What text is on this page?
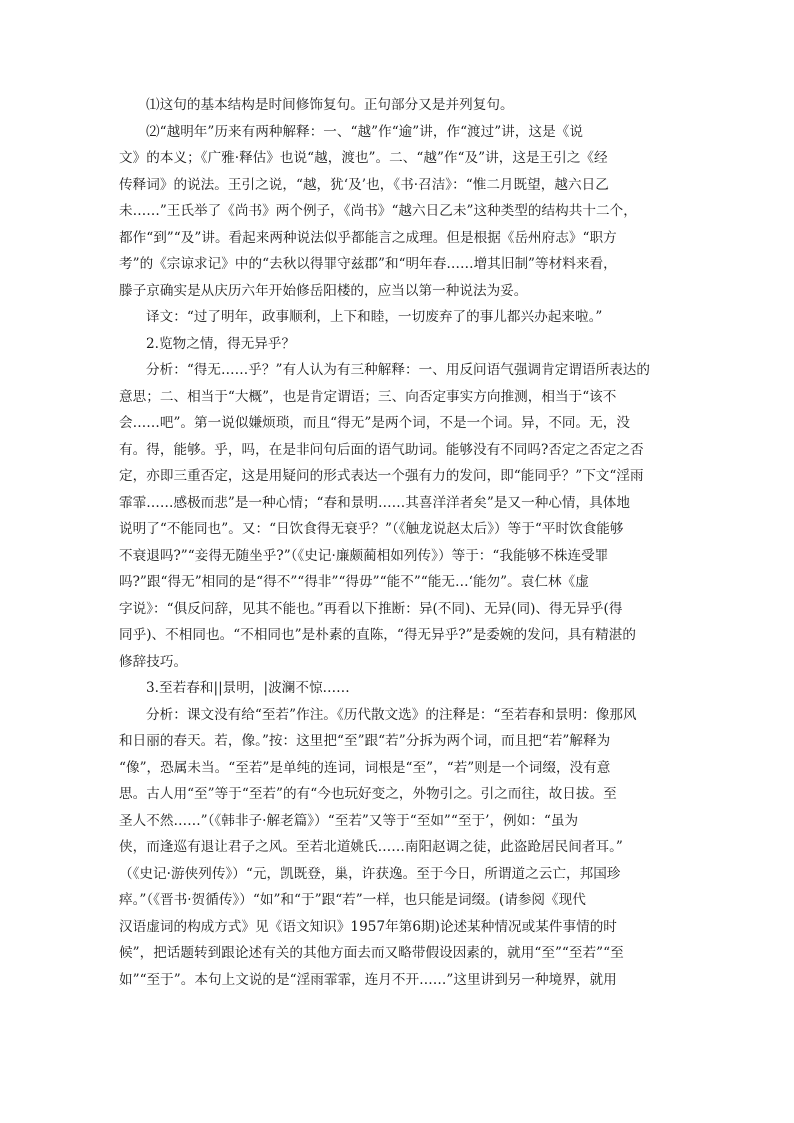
⑴这句的基本结构是时间修饰复句。正句部分又是并列复句。
⑵“越明年”历来有两种解释：一、“越”作“逾”讲，作“渡过”讲，这是《说
文》的本义；《广雅·释估》也说“越，渡也”。二、“越”作“及”讲，这是王引之《经
传释词》的说法。王引之说，“越，犹‘及’也，《书·召洁》：“惟二月既望，越六日乙
未……”王氏举了《尚书》两个例子，《尚书》“越六日乙未”这种类型的结构共十二个，
都作“到”“及”讲。看起来两种说法似乎都能言之成理。但是根据《岳州府志》“职方
考”的《宗谅求记》中的“去秋以得罪守兹郡”和“明年春……增其旧制”等材料来看，
滕子京确实是从庆历六年开始修岳阳楼的，应当以第一种说法为妥。
译文：“过了明年，政事顺利，上下和睦，一切废弃了的事儿都兴办起来啦。”
2.览物之情，得无异乎？
分析：“得无……乎？”有人认为有三种解释：一、用反问语气强调肯定谓语所表达的
意思；二、相当于“大概”，也是肯定谓语；三、向否定事实方向推测，相当于“该不
会……吧”。第一说似嫌烦琐，而且“得无”是两个词，不是一个词。异，不同。无，没
有。得，能够。乎，吗，在是非问句后面的语气助词。能够没有不同吗?否定之否定之否
定，亦即三重否定，这是用疑问的形式表达一个强有力的发问，即“能同乎？”下文“淫雨
霏霏……感极而悲”是一种心情；“春和景明……其喜洋洋者矣”是又一种心情，具体地
说明了“不能同也”。又：“日饮食得无衰乎？”（《触龙说赵太后》）等于“平时饮食能够
不衰退吗?”“妾得无随坐乎?”（《史记·廉颇蔺相如列传》）等于：“我能够不株连受罪
吗?”跟“得无”相同的是“得不”“得非”“得毋”“能不”“能无…‘能勿”。袁仁林《虚
字说》：“俱反问辞，见其不能也。”再看以下推断：异(不同)、无异(同)、得无异乎(得
同乎)、不相同也。“不相同也”是朴素的直陈，“得无异乎?”是委婉的发问，具有精湛的
修辞技巧。
3.至若春和||景明，|波澜不惊……
分析：课文没有给“至若”作注。《历代散文选》的注释是：“至若春和景明：像那风
和日丽的春天。若，像。”按：这里把“至”跟“若”分拆为两个词，而且把“若”解释为
“像”，恐属未当。“至若”是单纯的连词，词根是“至”，“若”则是一个词缀，没有意
思。古人用“至”等于“至若”的有“今也玩好变之，外物引之。引之而往，故日拔。至
圣人不然……”（《韩非子·解老篇》）“至若”又等于“至如”“至于’，例如：“虽为
侠，而逢巡有退让君子之风。至若北道姚氏……南阳赵调之徒，此盗跄居民间者耳。”
（《史记·游侠列传》）“元，凯既登，巢，许获逸。至于今日，所谓道之云亡，邦国珍
瘁。”（《晋书·贺循传》）“如”和“于”跟“若”一样，也只能是词缀。(请参阅《现代
汉语虚词的构成方式》见《语文知识》1957年第6期)论述某种情况或某件事情的时
候”，把话题转到跟论述有关的其他方面去而又略带假设因素的，就用“至”“至若”“至
如”“至于”。本句上文说的是“淫雨霏霏，连月不开……”这里讲到另一种境界，就用
